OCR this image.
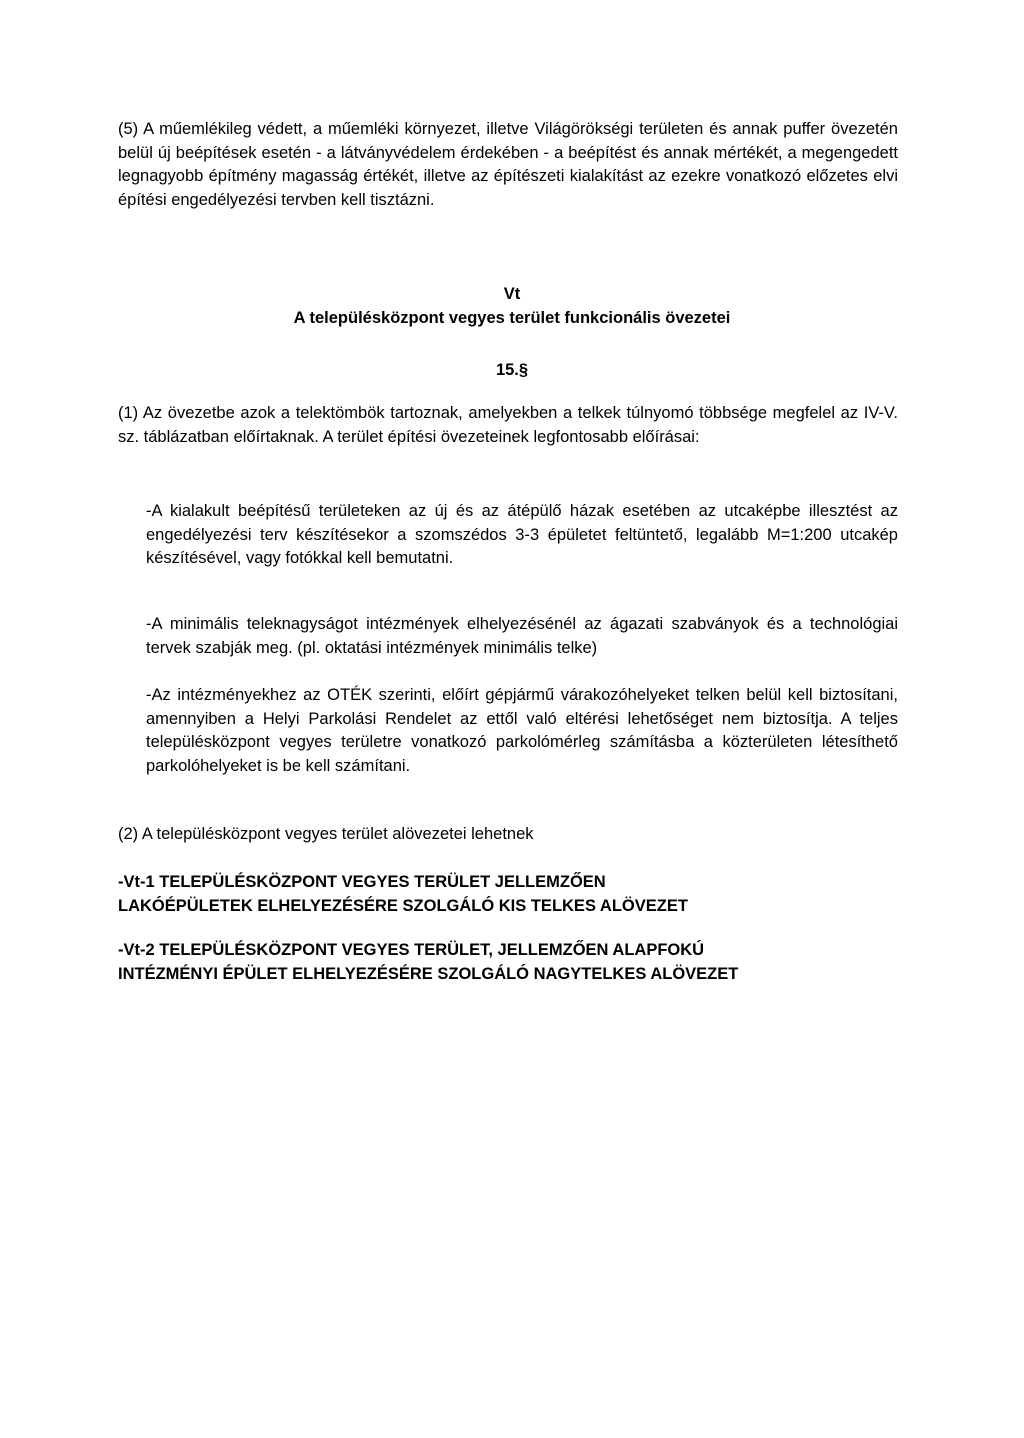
(5) A műemlékileg védett, a műemléki környezet, illetve Világörökségi területen és annak puffer övezetén belül új beépítések esetén - a látványvédelem érdekében - a beépítést és annak mértékét, a megengedett legnagyobb építmény magasság értékét, illetve az építészeti kialakítást az ezekre vonatkozó előzetes elvi építési engedélyezési tervben kell tisztázni.

Vt

A településközpont vegyes terület funkcionális övezetei

15.§

(1) Az övezetbe azok a telektömbök tartoznak, amelyekben a telkek túlnyomó többsége megfelel az IV-V. sz. táblázatban előírtaknak. A terület építési övezeteinek legfontosabb előírásai:

-A kialakult beépítésű területeken az új és az átépülő házak esetében az utcaképbe illesztést az engedélyezési terv készítésekor a szomszédos 3-3 épületet feltüntető, legalább M=1:200 utcakép készítésével, vagy fotókkal kell bemutatni.

-A minimális teleknagyságot intézmények elhelyezésénél az ágazati szabványok és a technológiai tervek szabják meg. (pl. oktatási intézmények minimális telke)

-Az intézményekhez az OTÉK szerinti, előírt gépjármű várakozóhelyeket telken belül kell biztosítani, amennyiben a Helyi Parkolási Rendelet az ettől való eltérési lehetőséget nem biztosítja. A teljes településközpont vegyes területre vonatkozó parkolómérleg számításba a közterületen létesíthető parkolóhelyeket is be kell számítani.

(2) A településközpont vegyes terület alövezetei lehetnek

-Vt-1 TELEPÜLÉSKÖZPONT VEGYES TERÜLET JELLEMZŐEN
LAKÓÉPÜLETEK ELHELYEZÉSÉRE SZOLGÁLÓ KIS TELKES ALÖVEZET
-Vt-2 TELEPÜLÉSKÖZPONT VEGYES TERÜLET, JELLEMZŐEN ALAPFOKÚ
INTÉZMÉNYI ÉPÜLET ELHELYEZÉSÉRE SZOLGÁLÓ NAGYTELKES ALÖVEZET
